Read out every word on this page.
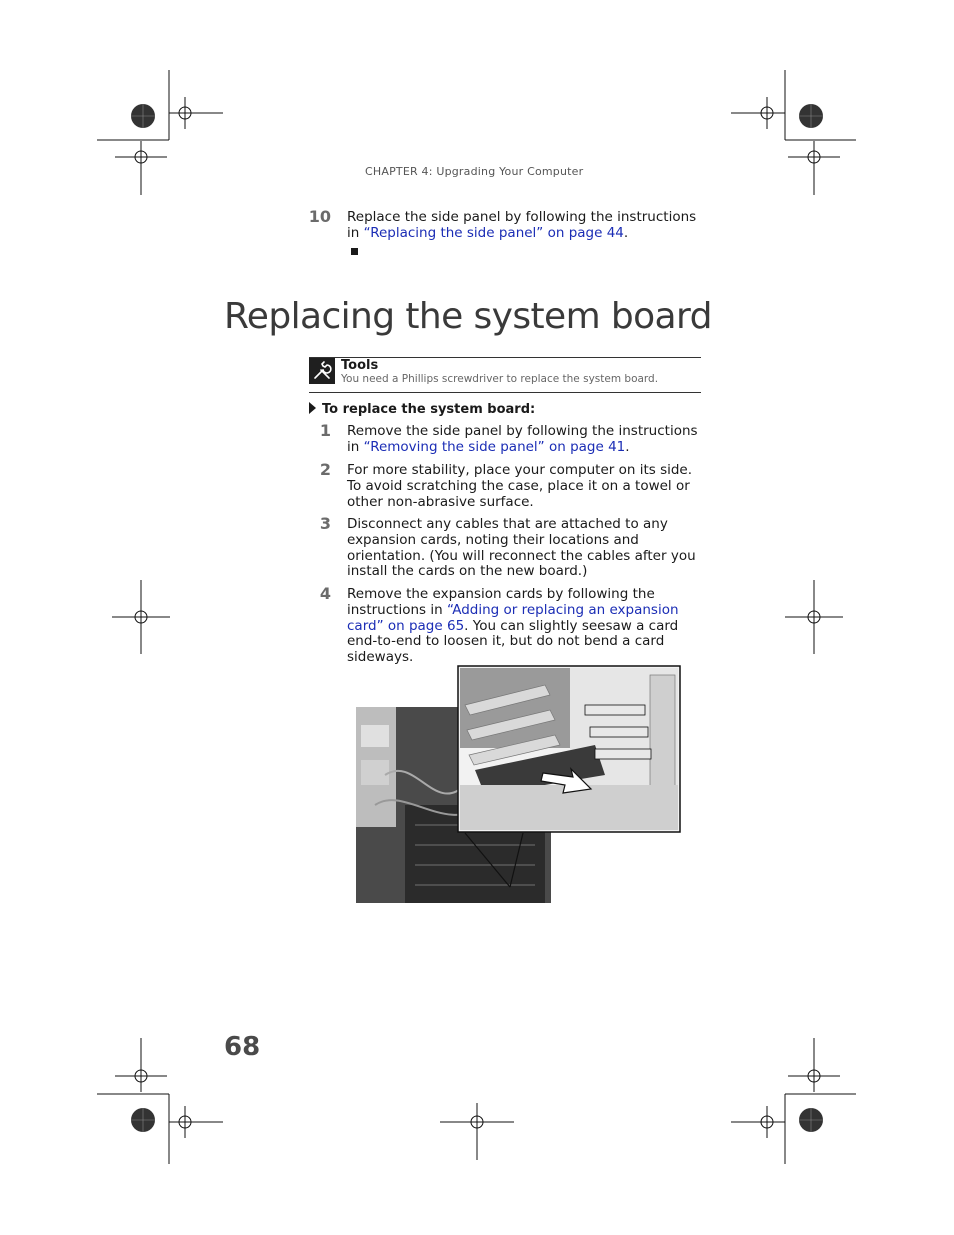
CHAPTER 4: Upgrading Your Computer
10 Replace the side panel by following the instructions in “Replacing the side panel” on page 44.
Replacing the system board
Tools
You need a Phillips screwdriver to replace the system board.
To replace the system board:
1 Remove the side panel by following the instructions in “Removing the side panel” on page 41.
2 For more stability, place your computer on its side. To avoid scratching the case, place it on a towel or other non-abrasive surface.
3 Disconnect any cables that are attached to any expansion cards, noting their locations and orientation. (You will reconnect the cables after you install the cards on the new board.)
4 Remove the expansion cards by following the instructions in “Adding or replacing an expansion card” on page 65. You can slightly seesaw a card end-to-end to loosen it, but do not bend a card sideways.
68
